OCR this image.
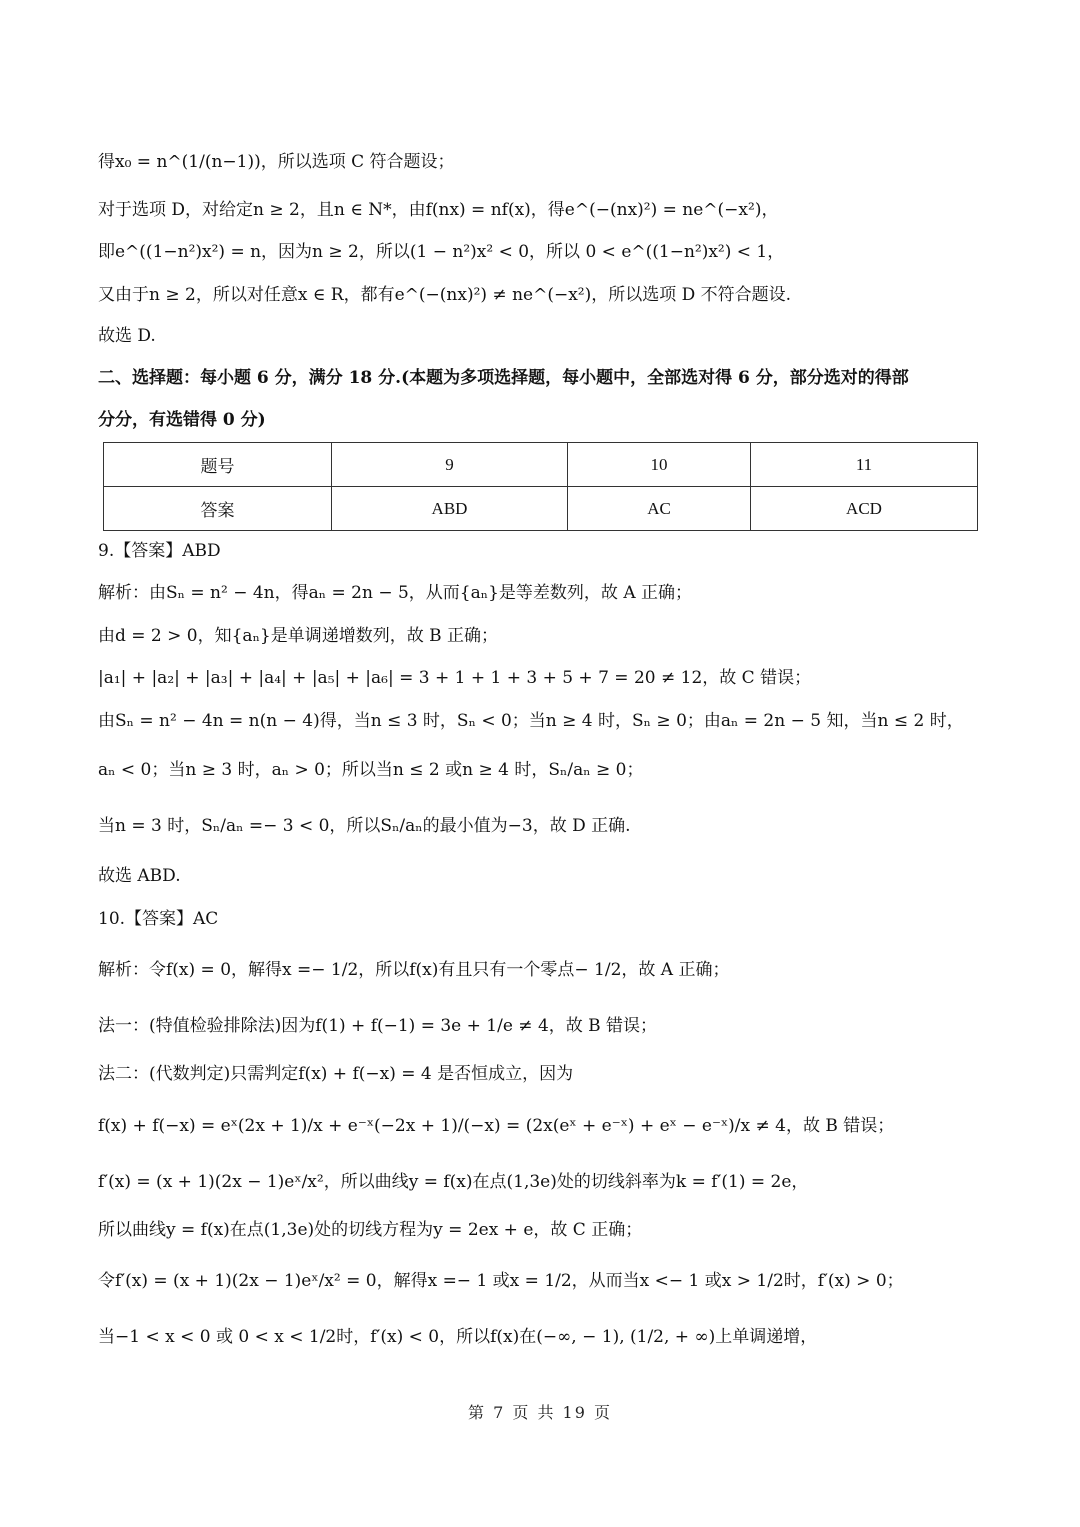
得x₀ = n^(1/(n−1))，所以选项 C 符合题设；
对于选项 D，对给定n ≥ 2，且n ∈ N*，由f(nx) = nf(x)，得e^(−(nx)²) = ne^(−x²)，
即e^((1−n²)x²) = n，因为n ≥ 2，所以(1 − n²)x² < 0，所以 0 < e^((1−n²)x²) < 1，
又由于n ≥ 2，所以对任意x ∈ R，都有e^(−(nx)²) ≠ ne^(−x²)，所以选项 D 不符合题设.
故选 D.
二、选择题：每小题 6 分，满分 18 分.(本题为多项选择题，每小题中，全部选对得 6 分，部分选对的得部
分分，有选错得 0 分)
9.【答案】ABD
解析：由Sₙ = n² − 4n，得aₙ = 2n − 5，从而{aₙ}是等差数列，故 A 正确；
由d = 2 > 0，知{aₙ}是单调递增数列，故 B 正确；
|a₁| + |a₂| + |a₃| + |a₄| + |a₅| + |a₆| = 3 + 1 + 1 + 3 + 5 + 7 = 20 ≠ 12，故 C 错误；
由Sₙ = n² − 4n = n(n − 4)得，当n ≤ 3 时，Sₙ < 0；当n ≥ 4 时，Sₙ ≥ 0；由aₙ = 2n − 5 知，当n ≤ 2 时，
aₙ < 0；当n ≥ 3 时，aₙ > 0；所以当n ≤ 2 或n ≥ 4 时，Sₙ/aₙ ≥ 0；
当n = 3 时，Sₙ/aₙ =− 3 < 0，所以Sₙ/aₙ的最小值为−3，故 D 正确.
故选 ABD.
10.【答案】AC
解析：令f(x) = 0，解得x =− 1/2，所以f(x)有且只有一个零点− 1/2，故 A 正确；
法一：(特值检验排除法)因为f(1) + f(−1) = 3e + 1/e ≠ 4，故 B 错误；
法二：(代数判定)只需判定f(x) + f(−x) = 4 是否恒成立，因为
f(x) + f(−x) = eˣ(2x + 1)/x + e⁻ˣ(−2x + 1)/(−x) = (2x(eˣ + e⁻ˣ) + eˣ − e⁻ˣ)/x ≠ 4，故 B 错误；
f′(x) = (x + 1)(2x − 1)eˣ/x²，所以曲线y = f(x)在点(1,3e)处的切线斜率为k = f′(1) = 2e，
所以曲线y = f(x)在点(1,3e)处的切线方程为y = 2ex + e，故 C 正确；
令f′(x) = (x + 1)(2x − 1)eˣ/x² = 0，解得x =− 1 或x = 1/2，从而当x <− 1 或x > 1/2时，f′(x) > 0；
当−1 < x < 0 或 0 < x < 1/2时，f′(x) < 0，所以f(x)在(−∞, − 1), (1/2, + ∞)上单调递增，
题号	9	10	11
答案	ABD	AC	ACD
第 7 页 共 19 页
